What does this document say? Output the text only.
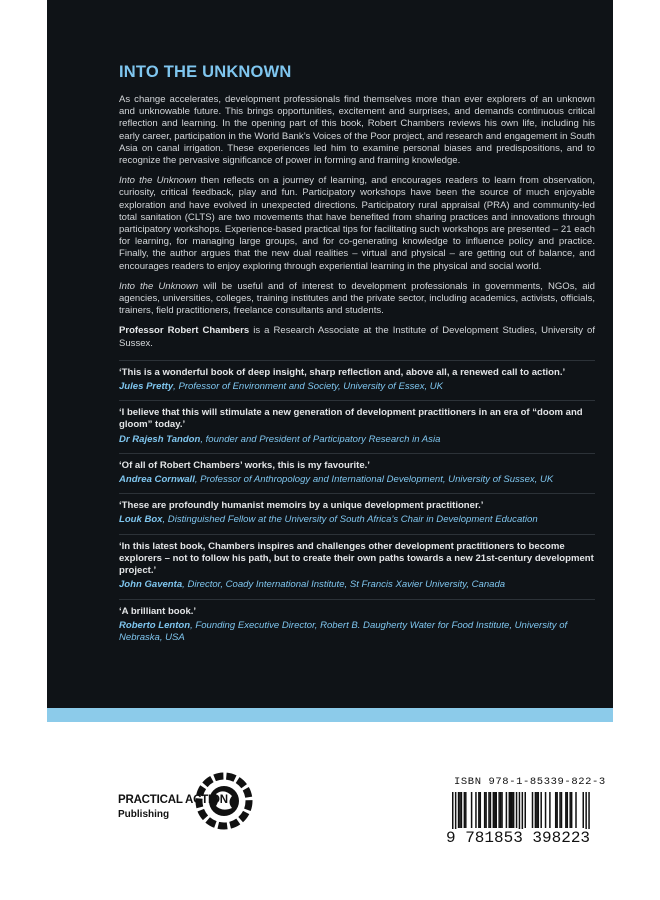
INTO THE UNKNOWN

As change accelerates, development professionals find themselves more than ever explorers of an unknown and unknowable future. This brings opportunities, excitement and surprises, and demands continuous critical reflection and learning. In the opening part of this book, Robert Chambers reviews his own life, including his early career, participation in the World Bank’s Voices of the Poor project, and research and engagement in South Asia on canal irrigation. These experiences led him to examine personal biases and predispositions, and to recognize the pervasive significance of power in forming and framing knowledge.

Into the Unknown then reflects on a journey of learning, and encourages readers to learn from observation, curiosity, critical feedback, play and fun. Participatory workshops have been the source of much enjoyable exploration and have evolved in unexpected directions. Participatory rural appraisal (PRA) and community-led total sanitation (CLTS) are two movements that have benefited from sharing practices and innovations through participatory workshops. Experience-based practical tips for facilitating such workshops are presented – 21 each for learning, for managing large groups, and for co-generating knowledge to influence policy and practice. Finally, the author argues that the new dual realities – virtual and physical – are getting out of balance, and encourages readers to enjoy exploring through experiential learning in the physical and social world.

Into the Unknown will be useful and of interest to development professionals in governments, NGOs, aid agencies, universities, colleges, training institutes and the private sector, including academics, activists, officials, trainers, field practitioners, freelance consultants and students.

Professor Robert Chambers is a Research Associate at the Institute of Development Studies, University of Sussex.

‘This is a wonderful book of deep insight, sharp reflection and, above all, a renewed call to action.’

Jules Pretty, Professor of Environment and Society, University of Essex, UK

‘I believe that this will stimulate a new generation of development practitioners in an era of “doom and gloom” today.’

Dr Rajesh Tandon, founder and President of Participatory Research in Asia

‘Of all of Robert Chambers’ works, this is my favourite.’

Andrea Cornwall, Professor of Anthropology and International Development, University of Sussex, UK

‘These are profoundly humanist memoirs by a unique development practitioner.’

Louk Box, Distinguished Fellow at the University of South Africa’s Chair in Development Education

‘In this latest book, Chambers inspires and challenges other development practitioners to become explorers – not to follow his path, but to create their own paths towards a new 21st-century development project.’

John Gaventa, Director, Coady International Institute, St Francis Xavier University, Canada

‘A brilliant book.’

Roberto Lenton, Founding Executive Director, Robert B. Daugherty Water for Food Institute, University of Nebraska, USA

PRACTICAL ACTION
Publishing
ISBN 978-1-85339-822-3
9 781853 398223
